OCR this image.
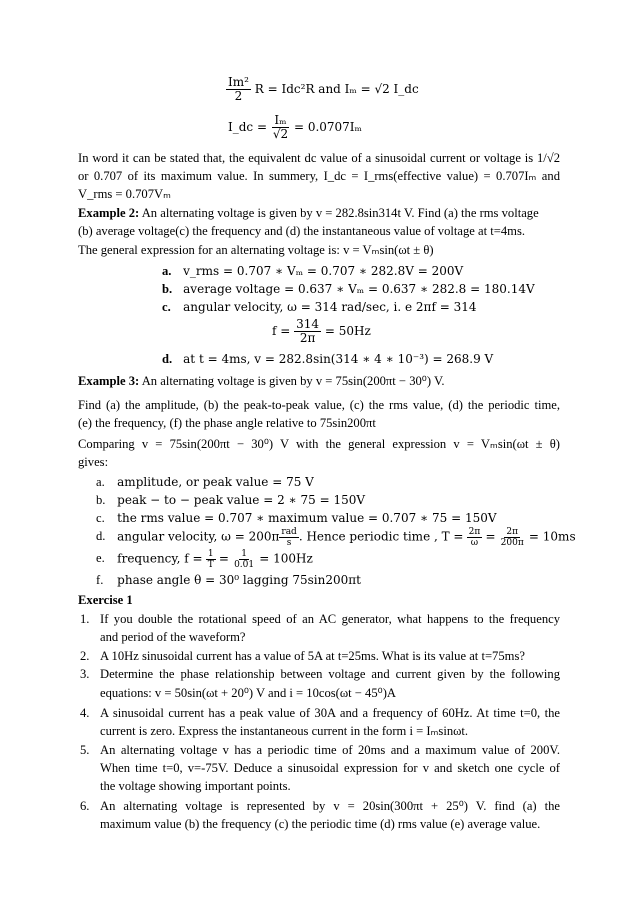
$\frac{\text{Im²}}{2}$ R = Idc²R and Iₘ = √2 I_dc
I_dc = $\frac{\text{Iₘ}}{√2} = 0.0707I_m$
In word it can be stated that, the equivalent dc value of a sinusoidal current or voltage is 1/√2
or 0.707 of its maximum value. In summery, I_dc = I_rms(effective value) = 0.707Iₘ and
V_rms = 0.707Vₘ
Example 2: An alternating voltage is given by v = 282.8sin314t V. Find (a) the rms voltage
(b) average voltage(c) the frequency and (d) the instantaneous value of voltage at t=4ms.
The general expression for an alternating voltage is: v = Vₘsin(ωt ± θ)
a. v_rms = 0.707 ∗ Vₘ = 0.707 ∗ 282.8V = 200V
b. average voltage = 0.637 ∗ Vₘ = 0.637 ∗ 282.8 = 180.14V
c. angular velocity, ω = 314 rad/sec, i. e 2πf = 314
$f = \frac{314}{2\pi} = 50Hz$
d. at t = 4ms, v = 282.8sin(314 ∗ 4 ∗ 10⁻³) = 268.9 V
Example 3: An alternating voltage is given by v = 75sin(200πt − 30⁰) V.
Find (a) the amplitude, (b) the peak-to-peak value, (c) the rms value, (d) the periodic time,
(e) the frequency, (f) the phase angle relative to 75sin200πt
Comparing v = 75sin(200πt − 30⁰) V with the general expression v = Vₘsin(ωt ± θ)
gives:
a. amplitude, or peak value = 75 V
b. peak − to − peak value = 2 ∗ 75 = 150V
c. the rms value = 0.707 ∗ maximum value = 0.707 ∗ 75 = 150V
d. angular velocity, $\omega = 200\pi \frac{\text{rad}}{s}$ . Hence periodic time , $T = \frac{2\pi}{\omega} = \frac{2\pi}{200\pi} = 10ms$
e. frequency, $f = \frac{1}{T} = \frac{1}{0.01} = 100Hz$
f. phase angle θ = 30⁰ lagging 75sin200πt
Exercise 1
1. If you double the rotational speed of an AC generator, what happens to the frequency
and period of the waveform?
2. A 10Hz sinusoidal current has a value of 5A at t=25ms. What is its value at t=75ms?
3. Determine the phase relationship between voltage and current given by the following
equations: v = 50sin(ωt + 20⁰) V and i = 10cos(ωt − 45⁰)A
4. A sinusoidal current has a peak value of 30A and a frequency of 60Hz. At time t=0, the
current is zero. Express the instantaneous current in the form i = Iₘsinωt.
5. An alternating voltage v has a periodic time of 20ms and a maximum value of 200V.
When time t=0, v=-75V. Deduce a sinusoidal expression for v and sketch one cycle of
the voltage showing important points.
6. An alternating voltage is represented by v = 20sin(300πt + 25⁰) V. find (a) the
maximum value (b) the frequency (c) the periodic time (d) rms value (e) average value.
